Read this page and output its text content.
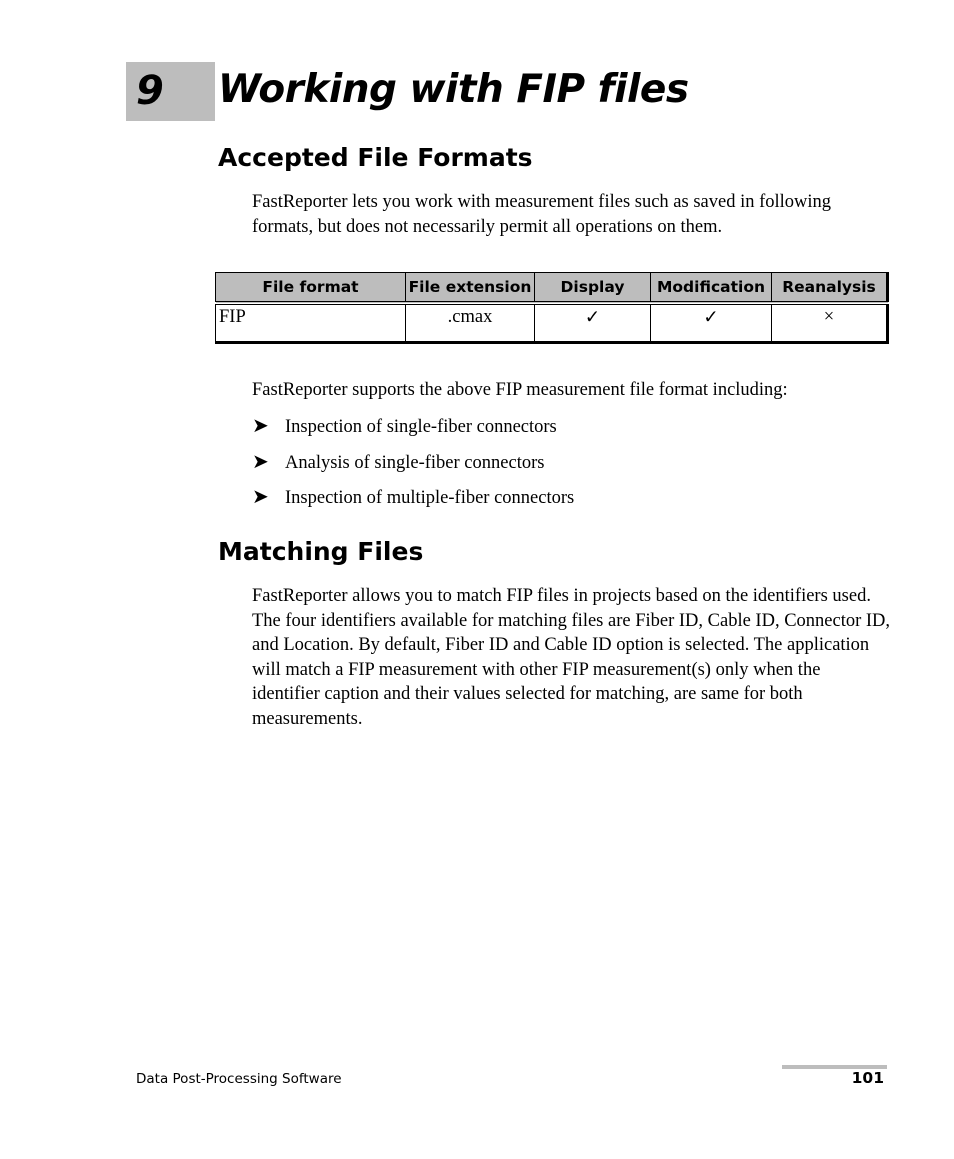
9 Working with FIP files
Accepted File Formats

FastReporter lets you work with measurement files such as saved in following formats, but does not necessarily permit all operations on them.

File format	File extension	Display	Modification	Reanalysis
FIP	.cmax	✓	✓	×

FastReporter supports the above FIP measurement file format including:

➤ Inspection of single-fiber connectors
➤ Analysis of single-fiber connectors
➤ Inspection of multiple-fiber connectors
Matching Files

FastReporter allows you to match FIP files in projects based on the identifiers used. The four identifiers available for matching files are Fiber ID, Cable ID, Connector ID, and Location. By default, Fiber ID and Cable ID option is selected. The application will match a FIP measurement with other FIP measurement(s) only when the identifier caption and their values selected for matching, are same for both measurements.

Data Post-Processing Software	101
